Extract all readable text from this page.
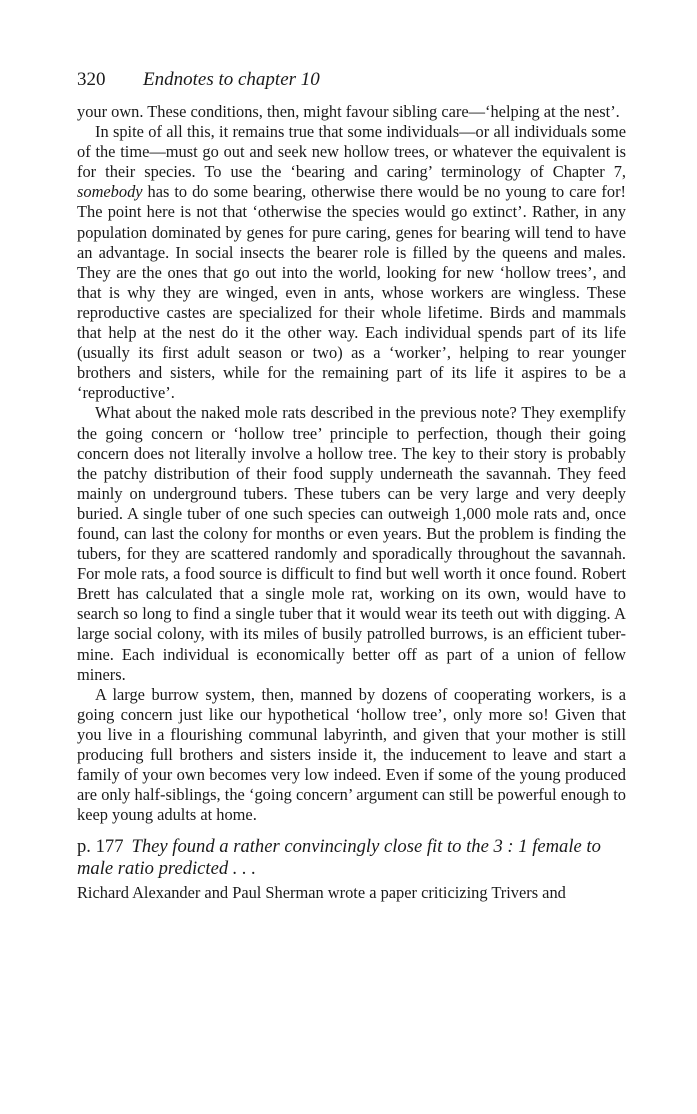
320 Endnotes to chapter 10

your own. These conditions, then, might favour sibling care—‘helping at the nest’.

In spite of all this, it remains true that some individuals—or all individuals some of the time—must go out and seek new hollow trees, or whatever the equivalent is for their species. To use the ‘bearing and caring’ terminology of Chapter 7, somebody has to do some bearing, otherwise there would be no young to care for! The point here is not that ‘otherwise the species would go extinct’. Rather, in any population dominated by genes for pure caring, genes for bearing will tend to have an advantage. In social insects the bearer role is filled by the queens and males. They are the ones that go out into the world, looking for new ‘hollow trees’, and that is why they are winged, even in ants, whose workers are wingless. These reproductive castes are specialized for their whole lifetime. Birds and mammals that help at the nest do it the other way. Each individual spends part of its life (usually its first adult season or two) as a ‘worker’, helping to rear younger brothers and sisters, while for the remaining part of its life it aspires to be a ‘reproductive’.

What about the naked mole rats described in the previous note? They exemplify the going concern or ‘hollow tree’ principle to perfection, though their going concern does not literally involve a hollow tree. The key to their story is probably the patchy distribution of their food supply underneath the savannah. They feed mainly on underground tubers. These tubers can be very large and very deeply buried. A single tuber of one such species can outweigh 1,000 mole rats and, once found, can last the colony for months or even years. But the problem is finding the tubers, for they are scattered randomly and sporadically throughout the savannah. For mole rats, a food source is difficult to find but well worth it once found. Robert Brett has calculated that a single mole rat, working on its own, would have to search so long to find a single tuber that it would wear its teeth out with digging. A large social colony, with its miles of busily patrolled burrows, is an efficient tuber-mine. Each individual is economically better off as part of a union of fellow miners.

A large burrow system, then, manned by dozens of cooperating workers, is a going concern just like our hypothetical ‘hollow tree’, only more so! Given that you live in a flourishing communal labyrinth, and given that your mother is still producing full brothers and sisters inside it, the inducement to leave and start a family of your own becomes very low indeed. Even if some of the young produced are only half-siblings, the ‘going concern’ argument can still be powerful enough to keep young adults at home.

p. 177 They found a rather convincingly close fit to the 3 : 1 female to male ratio predicted . . .

Richard Alexander and Paul Sherman wrote a paper criticizing Trivers and
